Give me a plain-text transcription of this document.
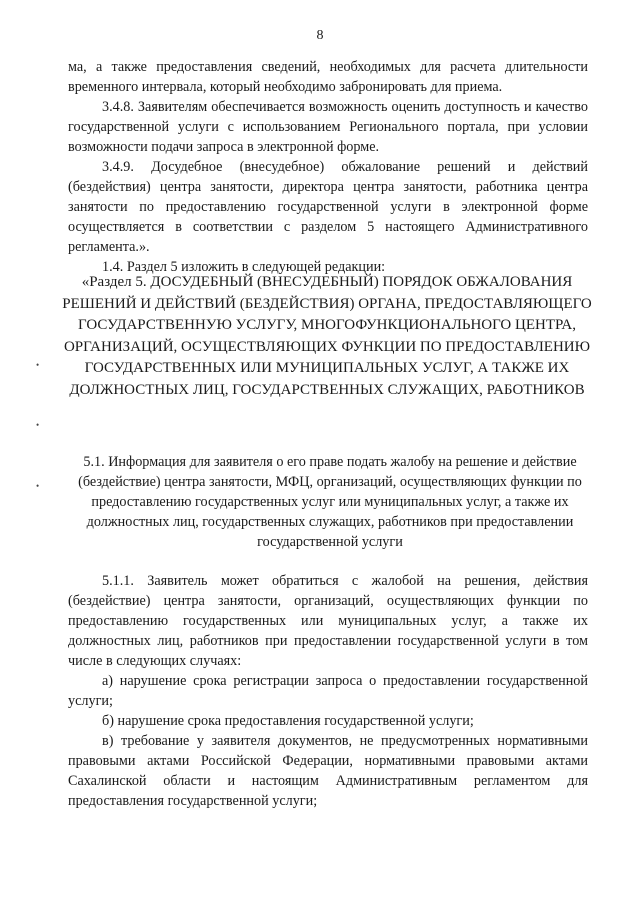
8

ма, а также предоставления сведений, необходимых для расчета длительности временного интервала, который необходимо забронировать для приема.

3.4.8. Заявителям обеспечивается возможность оценить доступность и качество государственной услуги с использованием Регионального портала, при условии возможности подачи запроса в электронной форме.

3.4.9. Досудебное (внесудебное) обжалование решений и действий (бездействия) центра занятости, директора центра занятости, работника центра занятости по предоставлению государственной услуги в электронной форме осуществляется в соответствии с разделом 5 настоящего Административного регламента.».

1.4. Раздел 5 изложить в следующей редакции:

«Раздел 5. ДОСУДЕБНЫЙ (ВНЕСУДЕБНЫЙ) ПОРЯДОК ОБЖАЛОВАНИЯ РЕШЕНИЙ И ДЕЙСТВИЙ (БЕЗДЕЙСТВИЯ) ОРГАНА, ПРЕДОСТАВЛЯЮЩЕГО ГОСУДАРСТВЕННУЮ УСЛУГУ, МНОГОФУНКЦИОНАЛЬНОГО ЦЕНТРА, ОРГАНИЗАЦИЙ, ОСУЩЕСТВЛЯЮЩИХ ФУНКЦИИ ПО ПРЕДОСТАВЛЕНИЮ ГОСУДАРСТВЕННЫХ ИЛИ МУНИЦИПАЛЬНЫХ УСЛУГ, А ТАКЖЕ ИХ ДОЛЖНОСТНЫХ ЛИЦ, ГОСУДАРСТВЕННЫХ СЛУЖАЩИХ, РАБОТНИКОВ
5.1. Информация для заявителя о его праве подать жалобу на решение и действие (бездействие) центра занятости, МФЦ, организаций, осуществляющих функции по предоставлению государственных услуг или муниципальных услуг, а также их должностных лиц, государственных служащих, работников при предоставлении государственной услуги

5.1.1. Заявитель может обратиться с жалобой на решения, действия (бездействие) центра занятости, организаций, осуществляющих функции по предоставлению государственных или муниципальных услуг, а также их должностных лиц, работников при предоставлении государственной услуги в том числе в следующих случаях:

а) нарушение срока регистрации запроса о предоставлении государственной услуги;

б) нарушение срока предоставления государственной услуги;

в) требование у заявителя документов, не предусмотренных нормативными правовыми актами Российской Федерации, нормативными правовыми актами Сахалинской области и настоящим Административным регламентом для предоставления государственной услуги;

•
•
•
